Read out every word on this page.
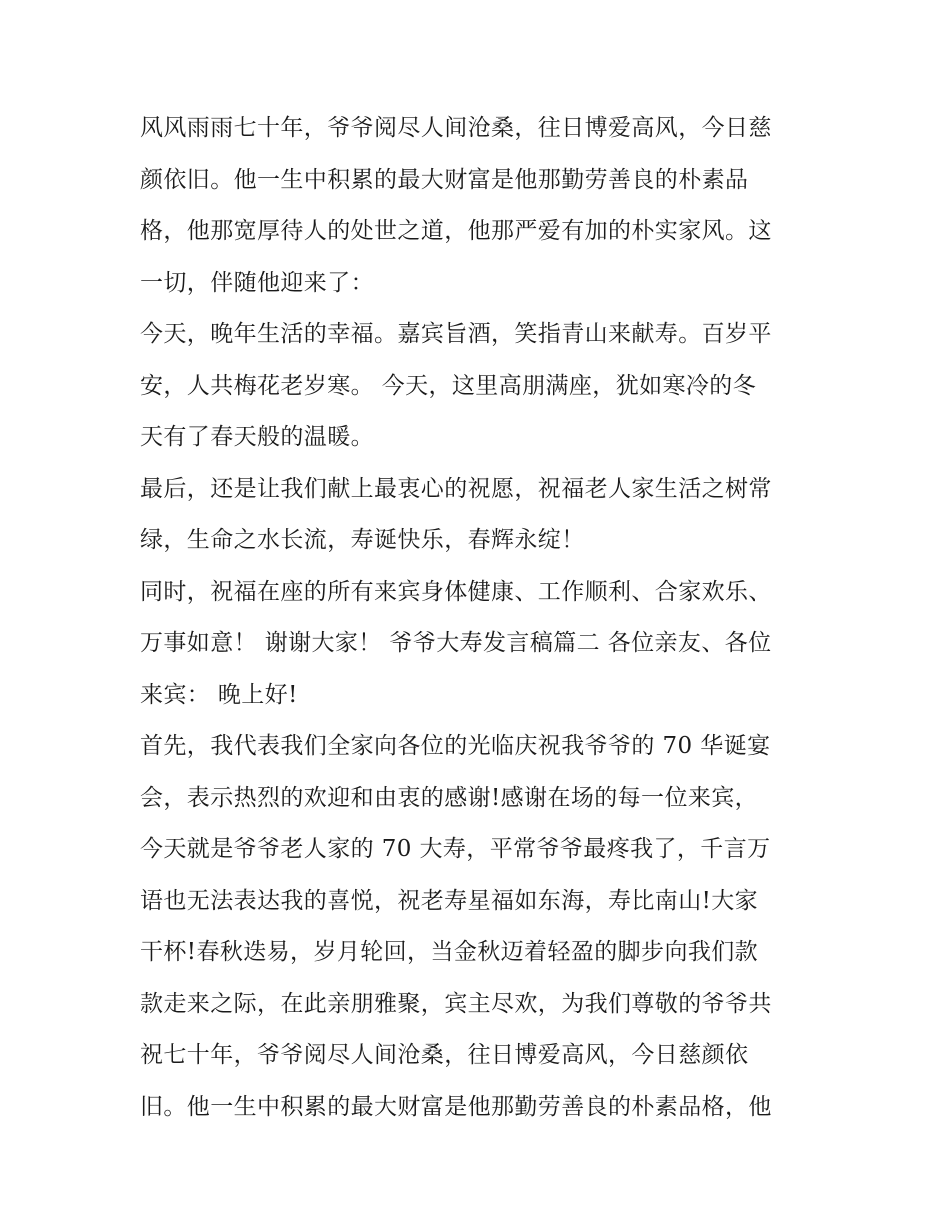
风风雨雨七十年，爷爷阅尽人间沧桑，往日博爱高风，今日慈
颜依旧。他一生中积累的最大财富是他那勤劳善良的朴素品
格，他那宽厚待人的处世之道，他那严爱有加的朴实家风。这
一切，伴随他迎来了：
今天，晚年生活的幸福。嘉宾旨酒，笑指青山来献寿。百岁平
安，人共梅花老岁寒。 今天，这里高朋满座，犹如寒冷的冬
天有了春天般的温暖。
最后，还是让我们献上最衷心的祝愿，祝福老人家生活之树常
绿，生命之水长流，寿诞快乐，春辉永绽！
同时，祝福在座的所有来宾身体健康、工作顺利、合家欢乐、
万事如意！ 谢谢大家！ 爷爷大寿发言稿篇二 各位亲友、各位
来宾： 晚上好!
首先，我代表我们全家向各位的光临庆祝我爷爷的 70 华诞宴
会，表示热烈的欢迎和由衷的感谢!感谢在场的每一位来宾，
今天就是爷爷老人家的 70 大寿，平常爷爷最疼我了，千言万
语也无法表达我的喜悦，祝老寿星福如东海，寿比南山!大家
干杯!春秋迭易，岁月轮回，当金秋迈着轻盈的脚步向我们款
款走来之际，在此亲朋雅聚，宾主尽欢，为我们尊敬的爷爷共
祝七十年，爷爷阅尽人间沧桑，往日博爱高风，今日慈颜依
旧。他一生中积累的最大财富是他那勤劳善良的朴素品格，他
